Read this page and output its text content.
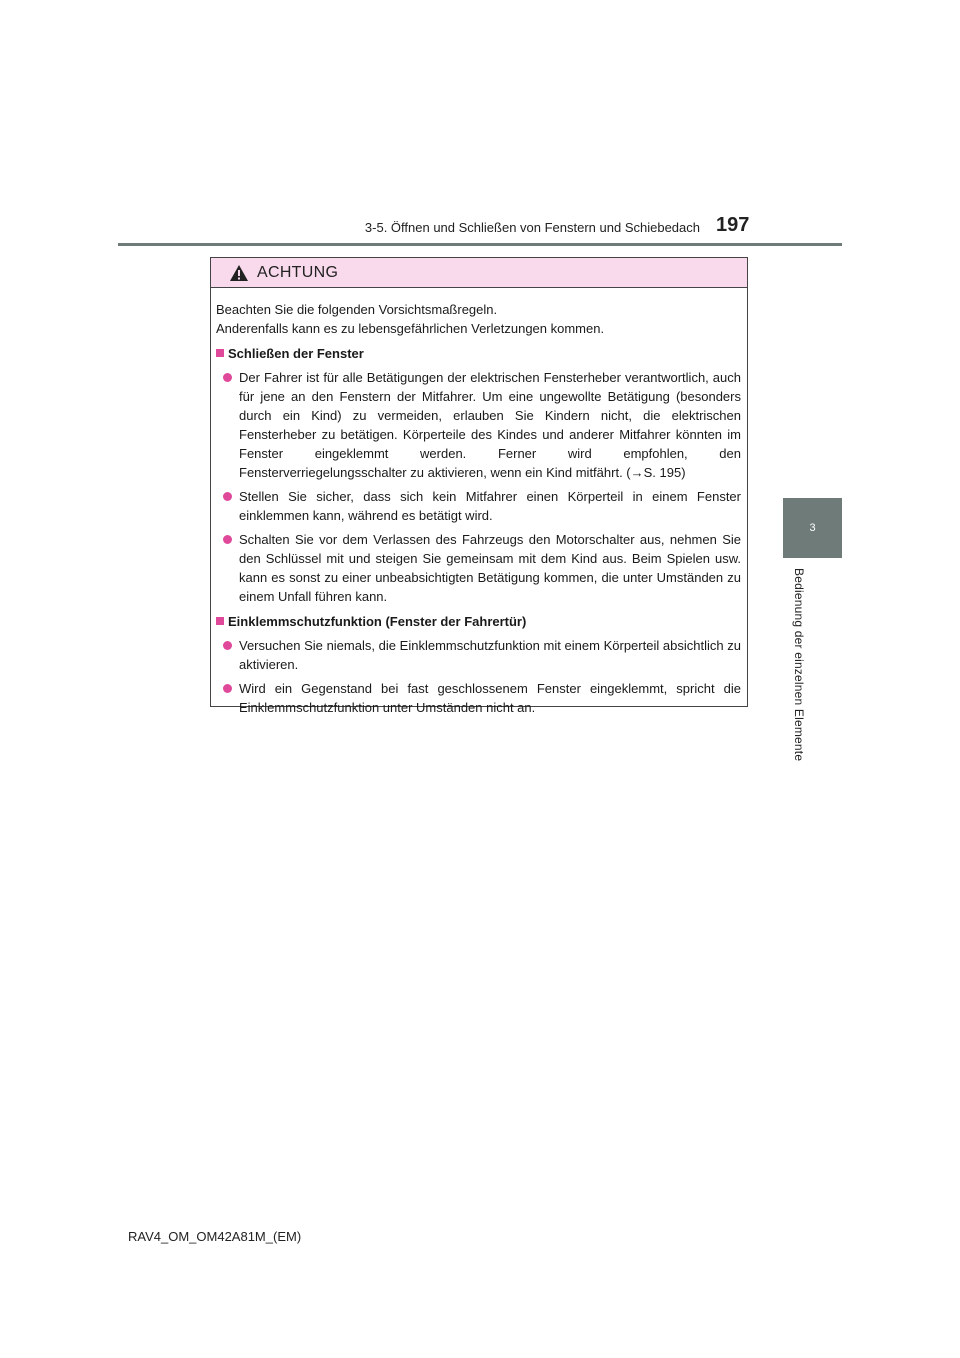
3-5. Öffnen und Schließen von Fenstern und Schiebedach 197
3
Bedienung der einzelnen Elemente
ACHTUNG

Beachten Sie die folgenden Vorsichtsmaßregeln.

Anderenfalls kann es zu lebensgefährlichen Verletzungen kommen.

Schließen der Fenster
Der Fahrer ist für alle Betätigungen der elektrischen Fensterheber verantwortlich, auch für jene an den Fenstern der Mitfahrer. Um eine ungewollte Betätigung (besonders durch ein Kind) zu vermeiden, erlauben Sie Kindern nicht, die elektrischen Fensterheber zu betätigen. Körperteile des Kindes und anderer Mitfahrer könnten im Fenster eingeklemmt werden. Ferner wird empfohlen, den Fensterverriegelungsschalter zu aktivieren, wenn ein Kind mitfährt. (→S. 195)
Stellen Sie sicher, dass sich kein Mitfahrer einen Körperteil in einem Fenster einklemmen kann, während es betätigt wird.
Schalten Sie vor dem Verlassen des Fahrzeugs den Motorschalter aus, nehmen Sie den Schlüssel mit und steigen Sie gemeinsam mit dem Kind aus. Beim Spielen usw. kann es sonst zu einer unbeabsichtigten Betätigung kommen, die unter Umständen zu einem Unfall führen kann.
Einklemmschutzfunktion (Fenster der Fahrertür)
Versuchen Sie niemals, die Einklemmschutzfunktion mit einem Körperteil absichtlich zu aktivieren.
Wird ein Gegenstand bei fast geschlossenem Fenster eingeklemmt, spricht die Einklemmschutzfunktion unter Umständen nicht an.
RAV4_OM_OM42A81M_(EM)
